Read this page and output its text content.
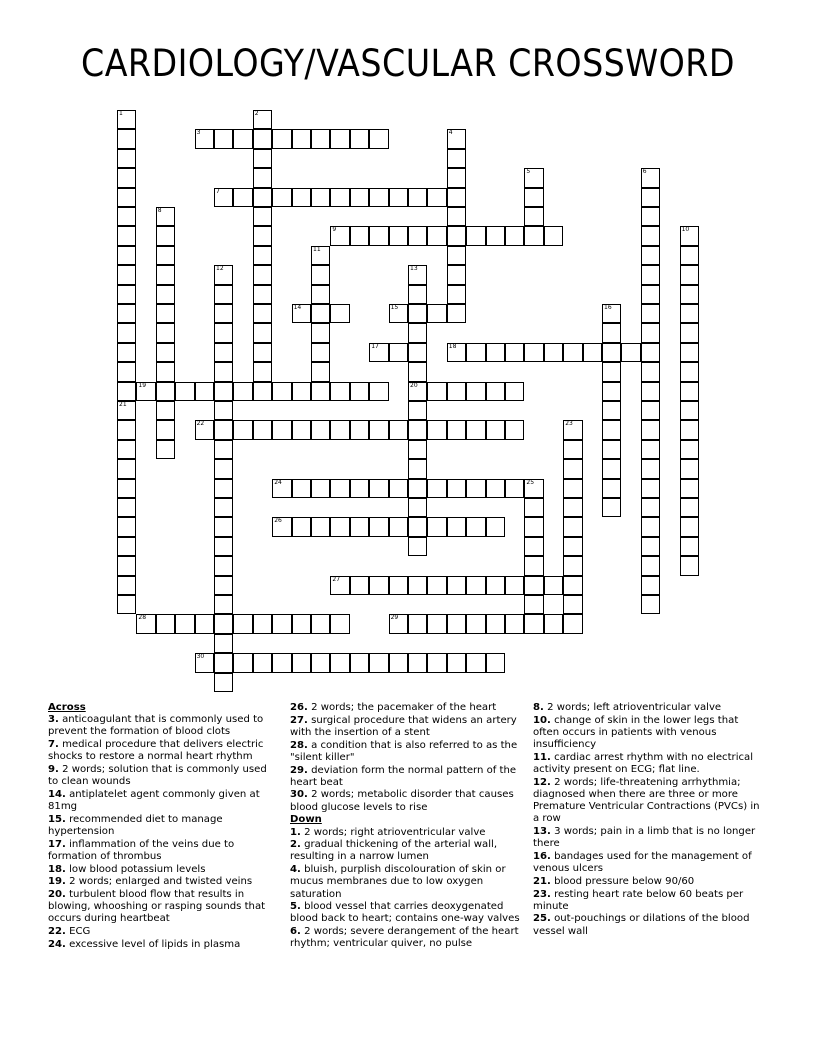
CARDIOLOGY/VASCULAR CROSSWORD
1
21
2
3	4
5	6
7
8
9	10
11
12	13
20
14	15	16
17	18
19
22	23
24	25
26
27
28	29
30
Across
3. anticoagulant that is commonly used to prevent the formation of blood clots
7. medical procedure that delivers electric shocks to restore a normal heart rhythm
9. 2 words; solution that is commonly used to clean wounds
14. antiplatelet agent commonly given at 81mg
15. recommended diet to manage hypertension
17. inflammation of the veins due to formation of thrombus
18. low blood potassium levels
19. 2 words; enlarged and twisted veins
20. turbulent blood flow that results in blowing, whooshing or rasping sounds that occurs during heartbeat
22. ECG
24. excessive level of lipids in plasma
26. 2 words; the pacemaker of the heart
27. surgical procedure that widens an artery with the insertion of a stent
28. a condition that is also referred to as the "silent killer"
29. deviation form the normal pattern of the heart beat
30. 2 words; metabolic disorder that causes blood glucose levels to rise
Down
1. 2 words; right atrioventricular valve
2. gradual thickening of the arterial wall, resulting in a narrow lumen
4. bluish, purplish discolouration of skin or mucus membranes due to low oxygen saturation
5. blood vessel that carries deoxygenated blood back to heart; contains one-way valves
6. 2 words; severe derangement of the heart rhythm; ventricular quiver, no pulse
8. 2 words; left atrioventricular valve
10. change of skin in the lower legs that often occurs in patients with venous insufficiency
11. cardiac arrest rhythm with no electrical activity present on ECG; flat line.
12. 2 words; life-threatening arrhythmia; diagnosed when there are three or more Premature Ventricular Contractions (PVCs) in a row
13. 3 words; pain in a limb that is no longer there
16. bandages used for the management of venous ulcers
21. blood pressure below 90/60
23. resting heart rate below 60 beats per minute
25. out-pouchings or dilations of the blood vessel wall
